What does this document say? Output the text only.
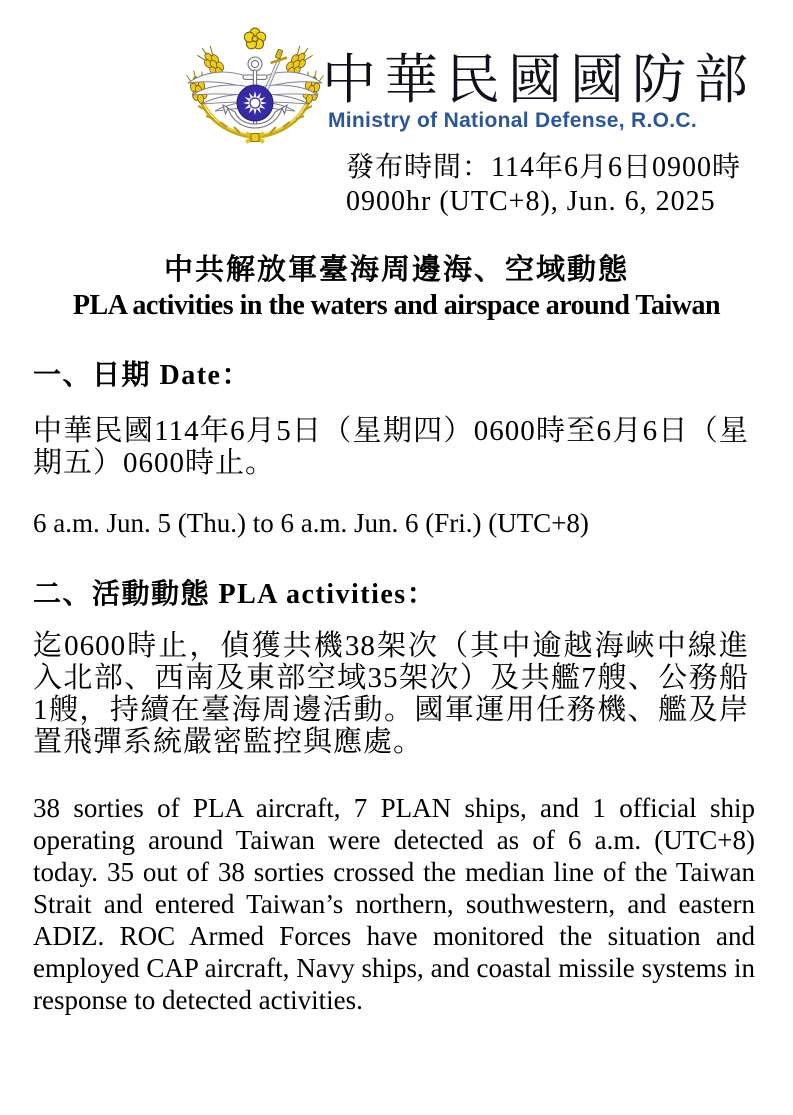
中華民國國防部
Ministry of National Defense, R.O.C.
發布時間：114年6月6日0900時
0900hr (UTC+8), Jun. 6, 2025
中共解放軍臺海周邊海、空域動態
PLA activities in the waters and airspace around Taiwan
一、日期 Date：
中華民國114年6月5日（星期四）0600時至6月6日（星期五）0600時止。
6 a.m. Jun. 5 (Thu.) to 6 a.m. Jun. 6 (Fri.) (UTC+8)
二、活動動態 PLA activities：
迄0600時止，偵獲共機38架次（其中逾越海峽中線進入北部、西南及東部空域35架次）及共艦7艘、公務船1艘，持續在臺海周邊活動。國軍運用任務機、艦及岸置飛彈系統嚴密監控與應處。
38 sorties of PLA aircraft, 7 PLAN ships, and 1 official ship operating around Taiwan were detected as of 6 a.m. (UTC+8) today. 35 out of 38 sorties crossed the median line of the Taiwan Strait and entered Taiwan’s northern, southwestern, and eastern ADIZ. ROC Armed Forces have monitored the situation and employed CAP aircraft, Navy ships, and coastal missile systems in response to detected activities.
